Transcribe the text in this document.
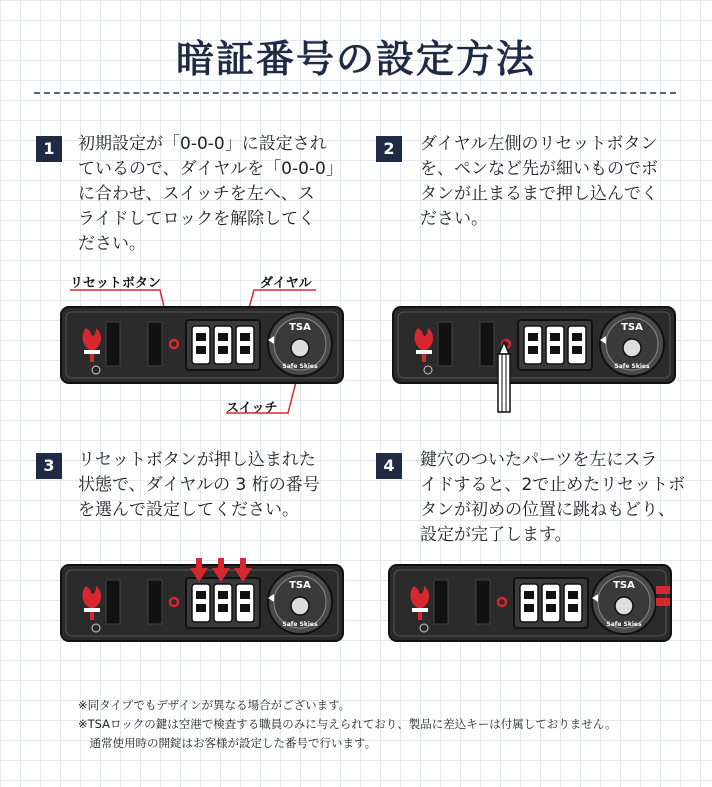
暗証番号の設定方法
1	初期設定が「0-0-0」に設定され
ているので、ダイヤルを「0-0-0」
に合わせ、スイッチを左へ、ス
ライドしてロックを解除してく
ださい。
2	ダイヤル左側のリセットボタン
を、ペンなど先が細いものでボ
タンが止まるまで押し込んでく
ださい。
3	リセットボタンが押し込まれた
状態で、ダイヤルの 3 桁の番号
を選んで設定してください。
4	鍵穴のついたパーツを左にスラ
イドすると、2で止めたリセットボ
タンが初めの位置に跳ねもどり、
設定が完了します。
リセットボタン	ダイヤル
スイッチ
TSA
Safe Skies
TSA
Safe Skies
TSA
Safe Skies
TSA
Safe Skies
※同タイプでもデザインが異なる場合がございます。
※TSAロックの鍵は空港で検査する職員のみに与えられており、製品に差込キーは付属しておりません。
　通常使用時の開錠はお客様が設定した番号で行います。
